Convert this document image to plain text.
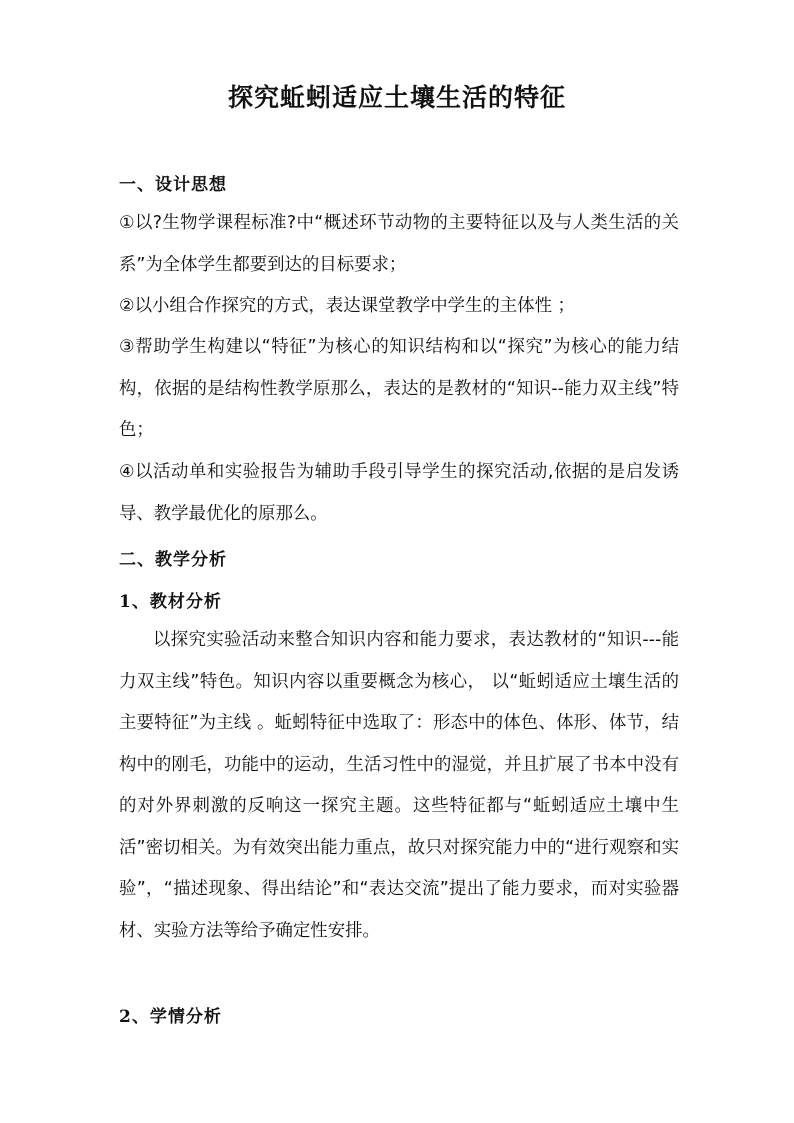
探究蚯蚓适应土壤生活的特征
一、设计思想

①以?生物学课程标准?中“概述环节动物的主要特征以及与人类生活的关系”为全体学生都要到达的目标要求；

②以小组合作探究的方式，表达课堂教学中学生的主体性 ；

③帮助学生构建以“特征”为核心的知识结构和以“探究”为核心的能力结构，依据的是结构性教学原那么，表达的是教材的“知识--能力双主线”特色；

④以活动单和实验报告为辅助手段引导学生的探究活动,依据的是启发诱导、教学最优化的原那么。

二、教学分析
1、教材分析

以探究实验活动来整合知识内容和能力要求，表达教材的“知识---能力双主线”特色。知识内容以重要概念为核心， 以“蚯蚓适应土壤生活的主要特征”为主线 。蚯蚓特征中选取了：形态中的体色、体形、体节，结构中的刚毛，功能中的运动，生活习性中的湿觉，并且扩展了书本中没有的对外界刺激的反响这一探究主题。这些特征都与“蚯蚓适应土壤中生活”密切相关。为有效突出能力重点，故只对探究能力中的“进行观察和实验”，“描述现象、得出结论”和“表达交流”提出了能力要求，而对实验器材、实验方法等给予确定性安排。

2、学情分析
